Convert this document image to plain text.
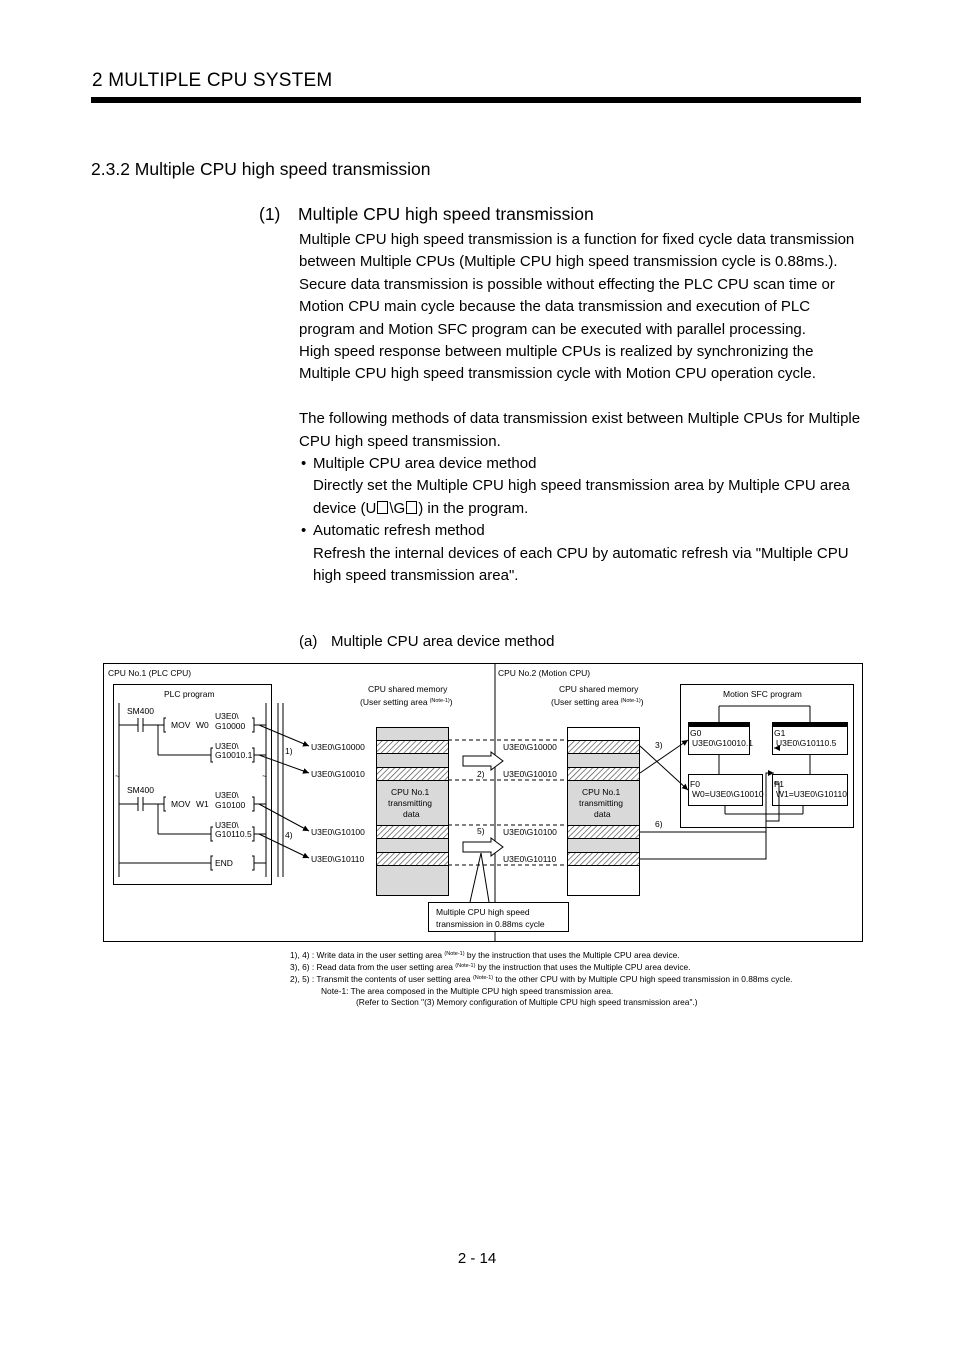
2 MULTIPLE CPU SYSTEM
2.3.2 Multiple CPU high speed transmission
(1) Multiple CPU high speed transmission

Multiple CPU high speed transmission is a function for fixed cycle data transmission between Multiple CPUs (Multiple CPU high speed transmission cycle is 0.88ms.).

Secure data transmission is possible without effecting the PLC CPU scan time or Motion CPU main cycle because the data transmission and execution of PLC program and Motion SFC program can be executed with parallel processing.

High speed response between multiple CPUs is realized by synchronizing the Multiple CPU high speed transmission cycle with Motion CPU operation cycle.

The following methods of data transmission exist between Multiple CPUs for Multiple CPU high speed transmission.

• Multiple CPU area device method
Directly set the Multiple CPU high speed transmission area by Multiple CPU area device (U \G ) in the program.
• Automatic refresh method
Refresh the internal devices of each CPU by automatic refresh via "Multiple CPU high speed transmission area".
(a) Multiple CPU area device method
CPU No.1 (PLC CPU)	CPU No.2 (Motion CPU)
PLC program
SM400
MOV W0
U3E0\
G10000
U3E0\
G10010.1
~	~
SM400
MOV W1
U3E0\
G10100
U3E0\
G10110.5
END
CPU shared memory
(User setting area $^{(Note-1)}$)
CPU No.1
transmitting
data
U3E0\G10000
U3E0\G10010
U3E0\G10100
U3E0\G10110
1)
4)
2)
5)
Multiple CPU high speed
transmission in 0.88ms cycle
CPU shared memory
(User setting area $^{(Note-1)}$)
CPU No.1
transmitting
data
U3E0\G10000
U3E0\G10010
U3E0\G10100
U3E0\G10110
Motion SFC program
G0
U3E0\G10010.1
G1
U3E0\G10110.5
F0
W0=U3E0\G10010
F1
W1=U3E0\G10110
3)
6)
1), 4) : Write data in the user setting area $^{(Note-1)}$ by the instruction that uses the Multiple CPU area device.
3), 6) : Read data from the user setting area $^{(Note-1)}$ by the instruction that uses the Multiple CPU area device.
2), 5) : Transmit the contents of user setting area $^{(Note-1)}$ to the other CPU with by Multiple CPU high speed transmission in 0.88ms cycle.
Note-1: The area composed in the Multiple CPU high speed transmission area.
(Refer to Section "(3) Memory configuration of Multiple CPU high speed transmission area".)
2 - 14
